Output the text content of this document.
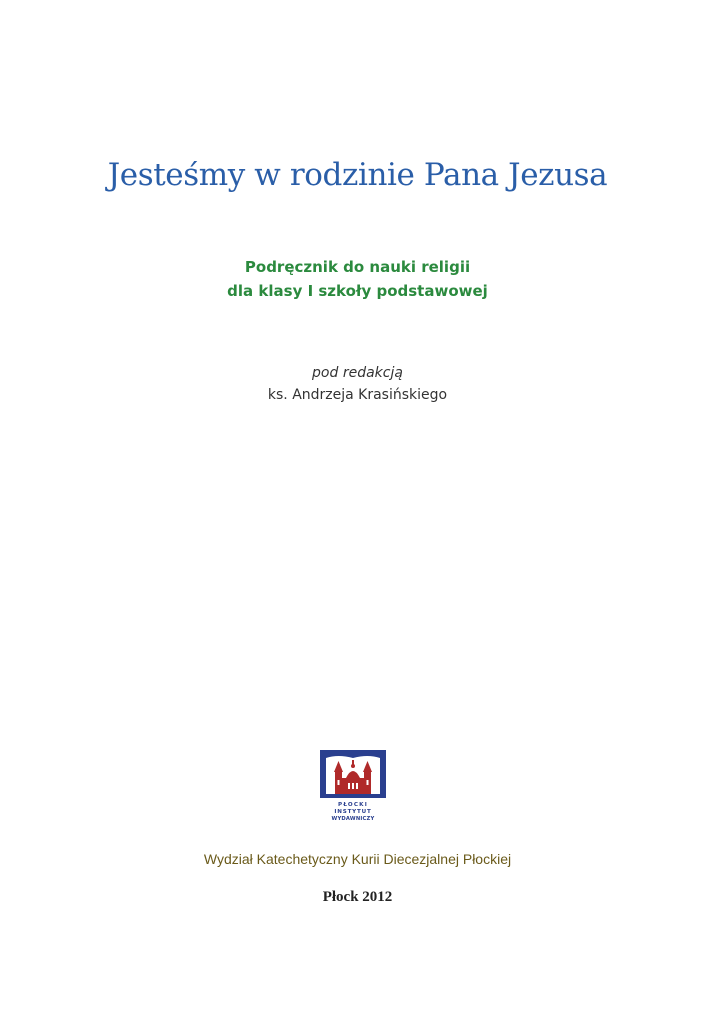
Jesteśmy w rodzinie Pana Jezusa
Podręcznik do nauki religii
dla klasy I szkoły podstawowej
pod redakcją
ks. Andrzeja Krasińskiego
PŁOCKI
INSTYTUT
WYDAWNICZY
Wydział Katechetyczny Kurii Diecezjalnej Płockiej
Płock 2012
